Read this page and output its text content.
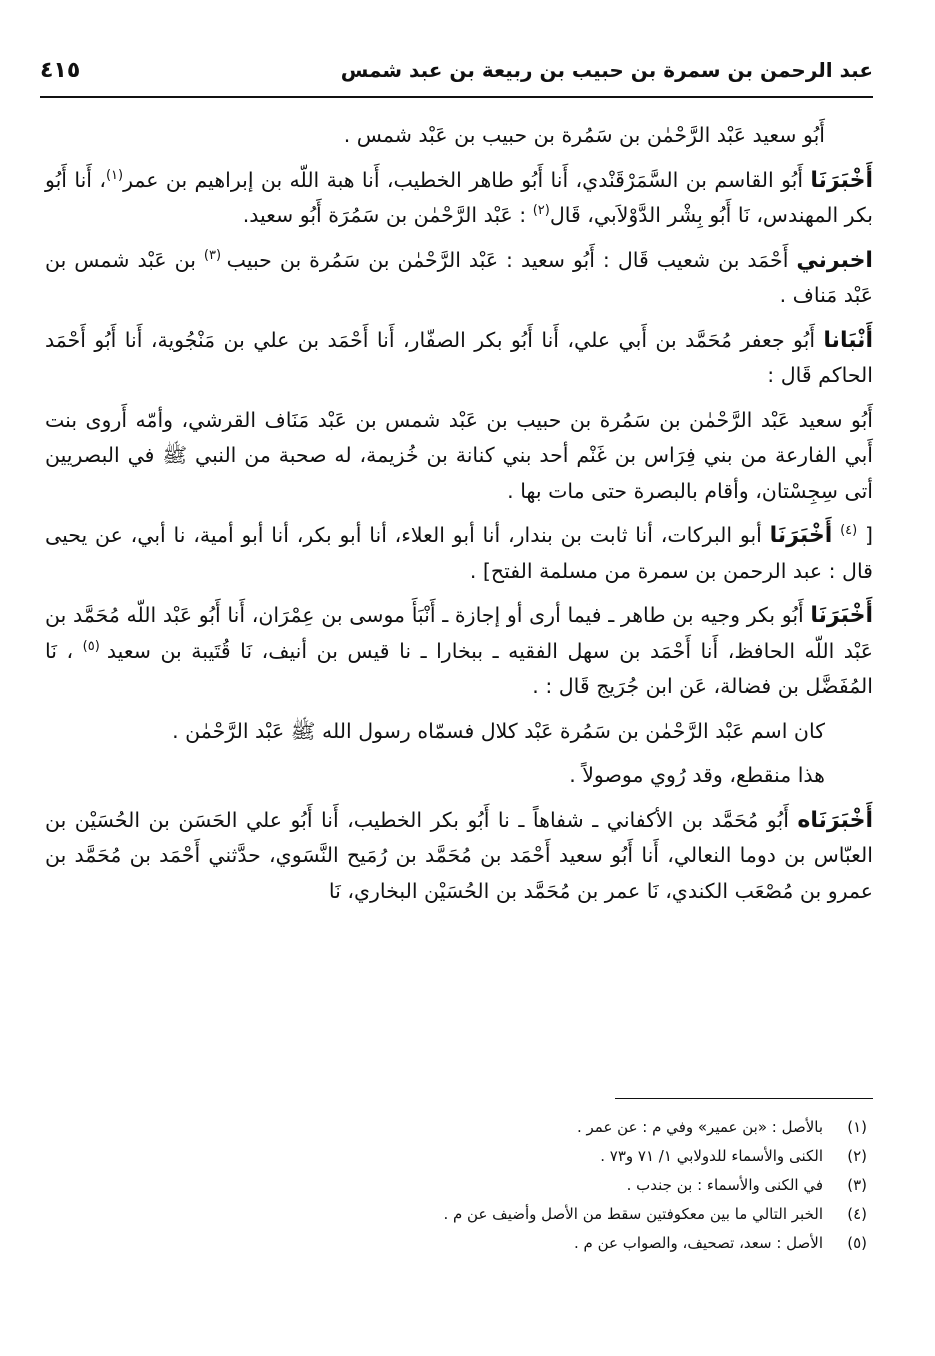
عبد الرحمن بن سمرة بن حبيب بن ربيعة بن عبد شمس
٤١٥

أَبُو سعيد عَبْد الرَّحْمٰن بن سَمُرة بن حبيب بن عَبْد شمس .

أَخْبَرَنَا أَبُو القاسم بن السَّمَرْقَنْدي، أَنا أَبُو طاهر الخطيب، أَنا هبة اللّه بن إبراهيم بن عمر$^{(١)}$، أَنا أَبُو بكر المهندس، نَا أَبُو بِشْر الدَّوْلاَبي، قَال$^{(٢)}$ : عَبْد الرَّحْمٰن بن سَمُرَة أَبُو سعيد.

اخبرني أَحْمَد بن شعيب قَال : أَبُو سعيد : عَبْد الرَّحْمٰن بن سَمُرة بن حبيب $^{(٣)}$ بن عَبْد شمس بن عَبْد مَناف .

أَنْبَانا أَبُو جعفر مُحَمَّد بن أَبي علي، أَنا أَبُو بكر الصفّار، أَنا أَحْمَد بن علي بن مَنْجُوية، أَنا أَبُو أَحْمَد الحاكم قَال :

أَبُو سعيد عَبْد الرَّحْمٰن بن سَمُرة بن حبيب بن عَبْد شمس بن عَبْد مَنَاف القرشي، وأمّه أَروى بنت أَبي الفارعة من بني فِرَاس بن غَنْم أحد بني كنانة بن خُزيمة، له صحبة من النبي ﷺ في البصريين أتى سِجِسْتان، وأقام بالبصرة حتى مات بها .

[ $^{(٤)}$ أَخْبَرَنَا أبو البركات، أنا ثابت بن بندار، أنا أبو العلاء، أنا أبو بكر، أنا أبو أمية، نا أبي، عن يحيى قال : عبد الرحمن بن سمرة من مسلمة الفتح] .

أَخْبَرَنَا أَبُو بكر وجيه بن طاهر ـ فيما أرى أو إجازة ـ أَنْبَأَ موسى بن عِمْرَان، أَنا أَبُو عَبْد اللّه مُحَمَّد بن عَبْد اللّه الحافظ، أَنا أَحْمَد بن سهل الفقيه ـ ببخارا ـ نا قيس بن أنيف، نَا قُتَيبة بن سعيد $^{(٥)}$ ، نَا المُفَضَّل بن فضالة، عَن ابن جُرَيج قَال : .

كان اسم عَبْد الرَّحْمٰن بن سَمُرة عَبْد كلال فسمّاه رسول الله ﷺ عَبْد الرَّحْمٰن .

هذا منقطع، وقد رُوي موصولاً .

أَخْبَرَنَاه أَبُو مُحَمَّد بن الأكفاني ـ شفاهاً ـ نا أَبُو بكر الخطيب، أَنا أَبُو علي الحَسَن بن الحُسَيْن بن العبّاس بن دوما النعالي، أَنا أَبُو سعيد أَحْمَد بن مُحَمَّد بن رُمَيح النَّسَوي، حدَّثني أَحْمَد بن مُحَمَّد بن عمرو بن مُصْعَب الكندي، نَا عمر بن مُحَمَّد بن الحُسَيْن البخاري، نَا

(١)
بالأصل : «بن عمير» وفي م : عن عمر .
(٢)
الكنى والأسماء للدولابي ١/ ٧١ و٧٣ .
(٣)
في الكنى والأسماء : بن جندب .
(٤)
الخبر التالي ما بين معكوفتين سقط من الأصل وأضيف عن م .
(٥)
الأصل : سعد، تصحيف، والصواب عن م .
